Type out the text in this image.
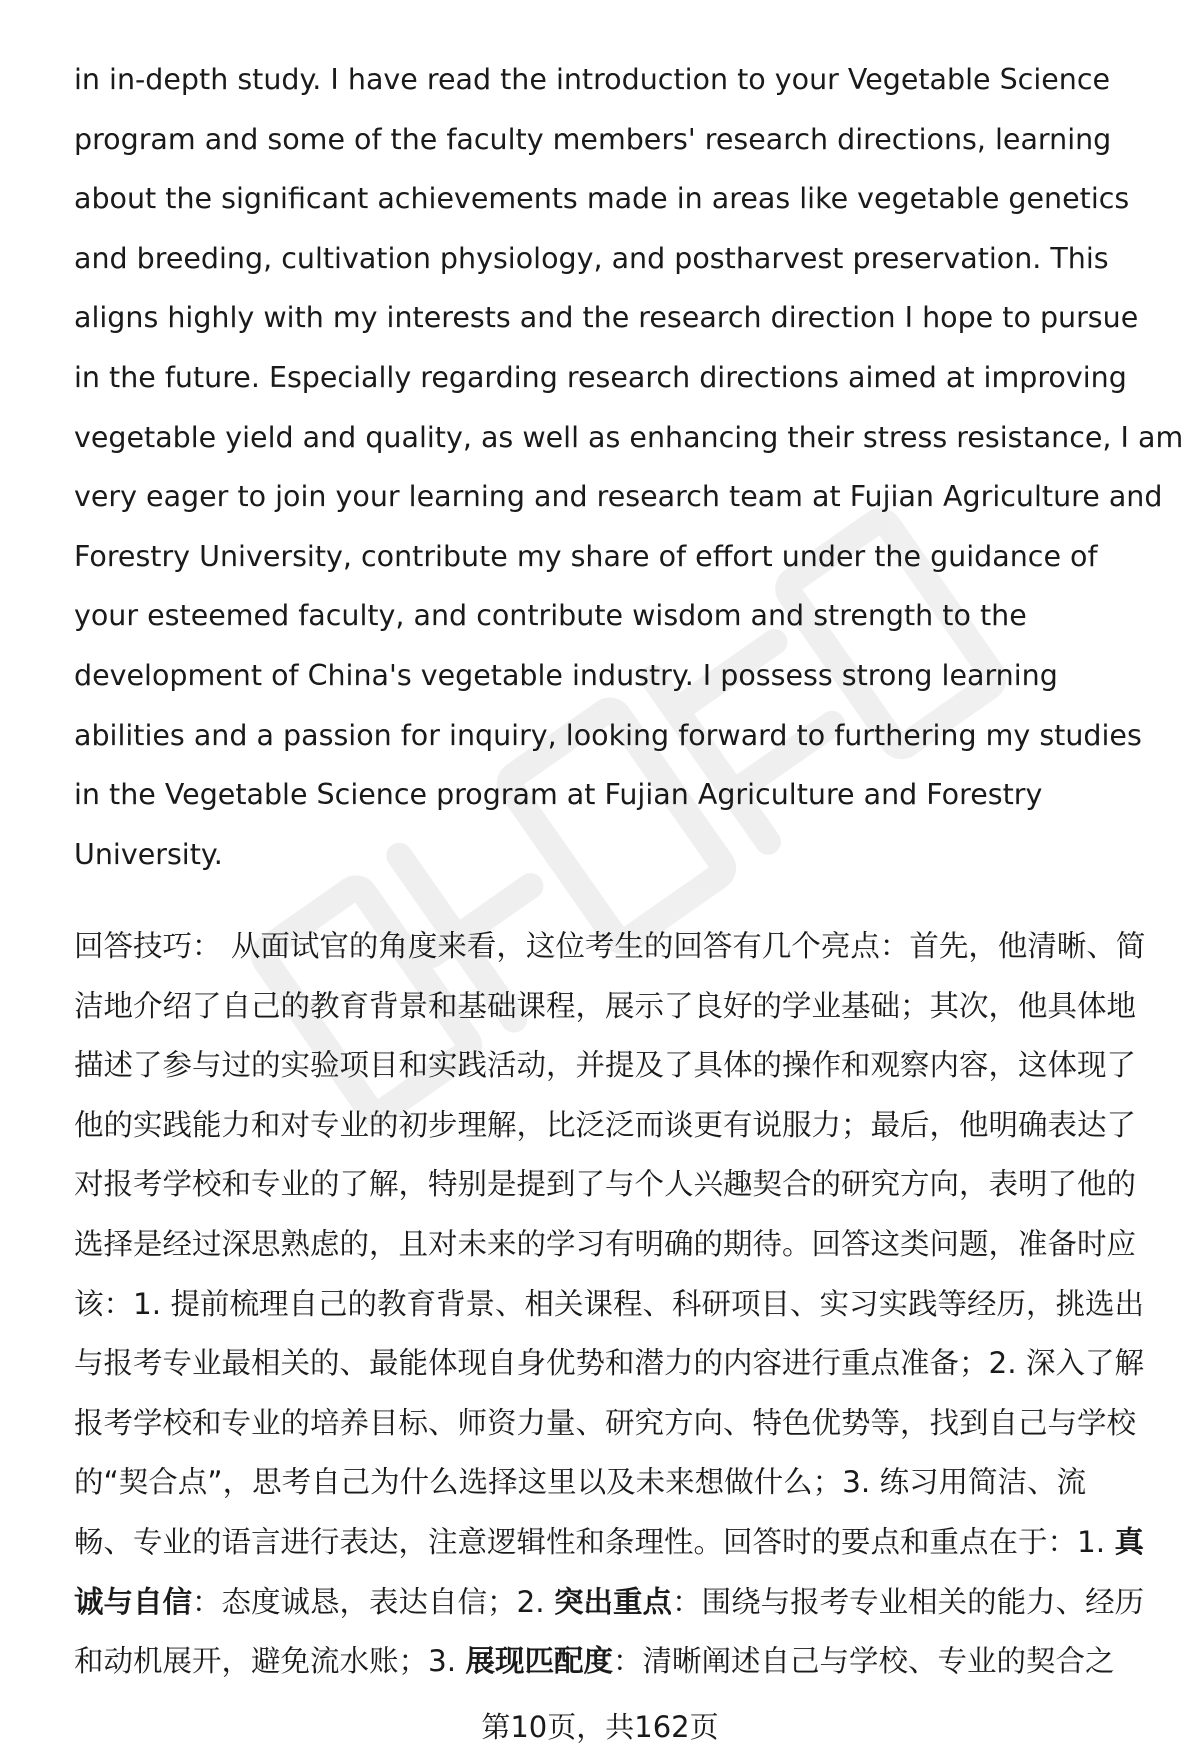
in in-depth study. I have read the introduction to your Vegetable Science
program and some of the faculty members' research directions, learning
about the significant achievements made in areas like vegetable genetics
and breeding, cultivation physiology, and postharvest preservation. This
aligns highly with my interests and the research direction I hope to pursue
in the future. Especially regarding research directions aimed at improving
vegetable yield and quality, as well as enhancing their stress resistance, I am
very eager to join your learning and research team at Fujian Agriculture and
Forestry University, contribute my share of effort under the guidance of
your esteemed faculty, and contribute wisdom and strength to the
development of China's vegetable industry. I possess strong learning
abilities and a passion for inquiry, looking forward to furthering my studies
in the Vegetable Science program at Fujian Agriculture and Forestry
University.
回答技巧： 从面试官的角度来看，这位考生的回答有几个亮点：首先，他清晰、简
洁地介绍了自己的教育背景和基础课程，展示了良好的学业基础；其次，他具体地
描述了参与过的实验项目和实践活动，并提及了具体的操作和观察内容，这体现了
他的实践能力和对专业的初步理解，比泛泛而谈更有说服力；最后，他明确表达了
对报考学校和专业的了解，特别是提到了与个人兴趣契合的研究方向，表明了他的
选择是经过深思熟虑的，且对未来的学习有明确的期待。回答这类问题，准备时应
该：1. 提前梳理自己的教育背景、相关课程、科研项目、实习实践等经历，挑选出
与报考专业最相关的、最能体现自身优势和潜力的内容进行重点准备；2. 深入了解
报考学校和专业的培养目标、师资力量、研究方向、特色优势等，找到自己与学校
的“契合点”，思考自己为什么选择这里以及未来想做什么；3. 练习用简洁、流
畅、专业的语言进行表达，注意逻辑性和条理性。回答时的要点和重点在于：1. 真
诚与自信：态度诚恳，表达自信；2. 突出重点：围绕与报考专业相关的能力、经历
和动机展开，避免流水账；3. 展现匹配度：清晰阐述自己与学校、专业的契合之
第10页，共162页
